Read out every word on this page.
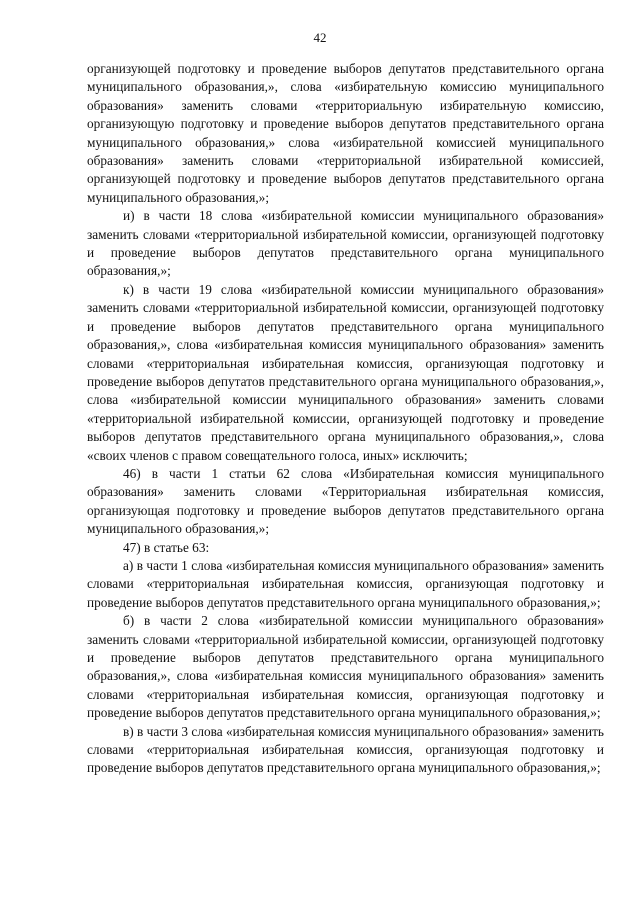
42

организующей подготовку и проведение выборов депутатов представительного органа муниципального образования,», слова «избирательную комиссию муниципального образования» заменить словами «территориальную избирательную комиссию, организующую подготовку и проведение выборов депутатов представительного органа муниципального образования,» слова «избирательной комиссией муниципального образования» заменить словами «территориальной избирательной комиссией, организующей подготовку и проведение выборов депутатов представительного органа муниципального образования,»;

и) в части 18 слова «избирательной комиссии муниципального образования» заменить словами «территориальной избирательной комиссии, организующей подготовку и проведение выборов депутатов представительного органа муниципального образования,»;

к) в части 19 слова «избирательной комиссии муниципального образования» заменить словами «территориальной избирательной комиссии, организующей подготовку и проведение выборов депутатов представительного органа муниципального образования,», слова «избирательная комиссия муниципального образования» заменить словами «территориальная избирательная комиссия, организующая подготовку и проведение выборов депутатов представительного органа муниципального образования,», слова «избирательной комиссии муниципального образования» заменить словами «территориальной избирательной комиссии, организующей подготовку и проведение выборов депутатов представительного органа муниципального образования,», слова «своих членов с правом совещательного голоса, иных» исключить;

46) в части 1 статьи 62 слова «Избирательная комиссия муниципального образования» заменить словами «Территориальная избирательная комиссия, организующая подготовку и проведение выборов депутатов представительного органа муниципального образования,»;

47) в статье 63:

а) в части 1 слова «избирательная комиссия муниципального образования» заменить словами «территориальная избирательная комиссия, организующая подготовку и проведение выборов депутатов представительного органа муниципального образования,»;

б) в части 2 слова «избирательной комиссии муниципального образования» заменить словами «территориальной избирательной комиссии, организующей подготовку и проведение выборов депутатов представительного органа муниципального образования,», слова «избирательная комиссия муниципального образования» заменить словами «территориальная избирательная комиссия, организующая подготовку и проведение выборов депутатов представительного органа муниципального образования,»;

в) в части 3 слова «избирательная комиссия муниципального образования» заменить словами «территориальная избирательная комиссия, организующая подготовку и проведение выборов депутатов представительного органа муниципального образования,»;
